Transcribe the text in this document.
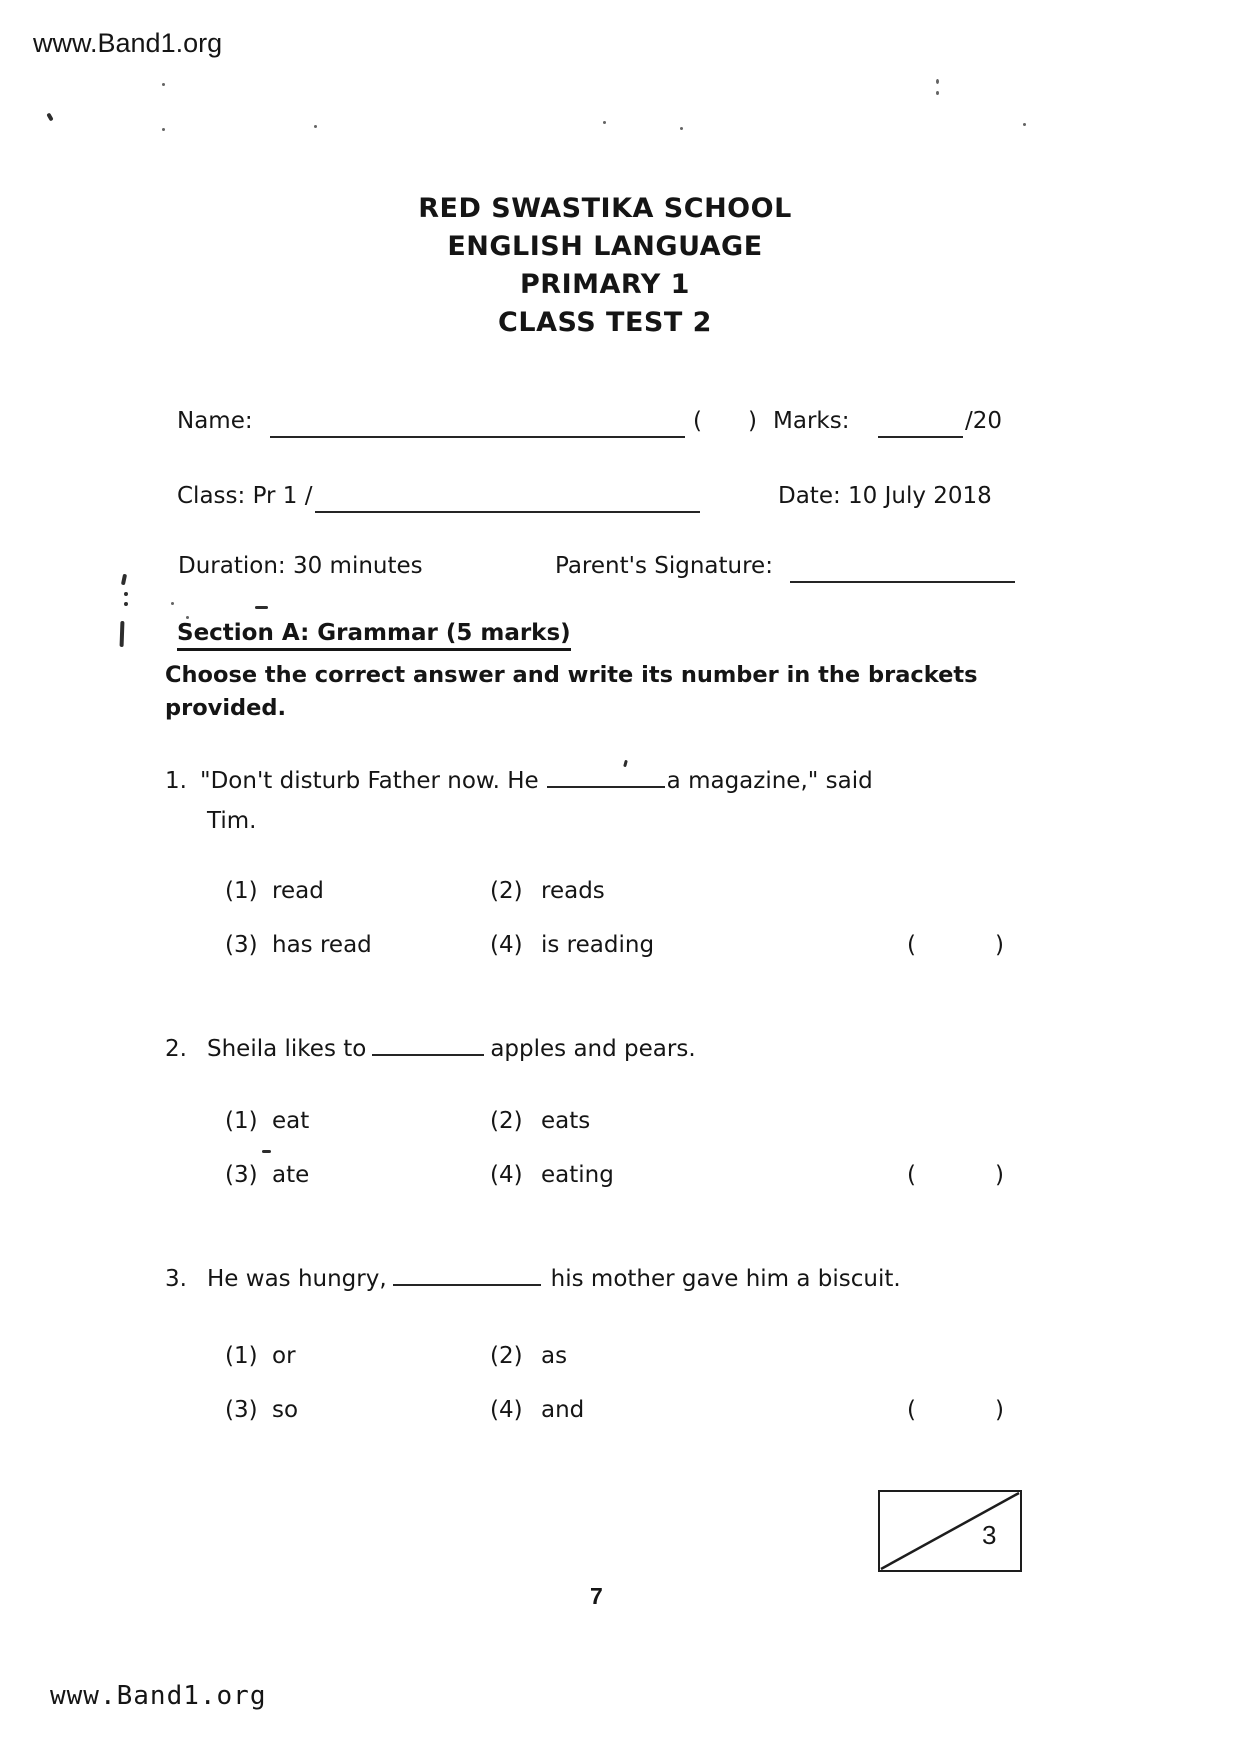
www.Band1.org
RED SWASTIKA SCHOOL
ENGLISH LANGUAGE
PRIMARY 1
CLASS TEST 2
Name:	( ) Marks:	/20
Class: Pr 1 /	Date: 10 July 2018
Duration: 30 minutes	Parent's Signature:
Section A: Grammar (5 marks)
Choose the correct answer and write its number in the brackets
provided.
1. "Don't disturb Father now. He	a magazine," said
Tim.
(1) read	(2) reads
(3) has read	(4) is reading	(	)
2. Sheila likes to	apples and pears.
(1) eat	(2) eats
(3) ate	(4) eating	(	)
3. He was hungry,	his mother gave him a biscuit.
(1) or	(2) as
(3) so	(4) and	(	)
3
7
www.Band1.org
